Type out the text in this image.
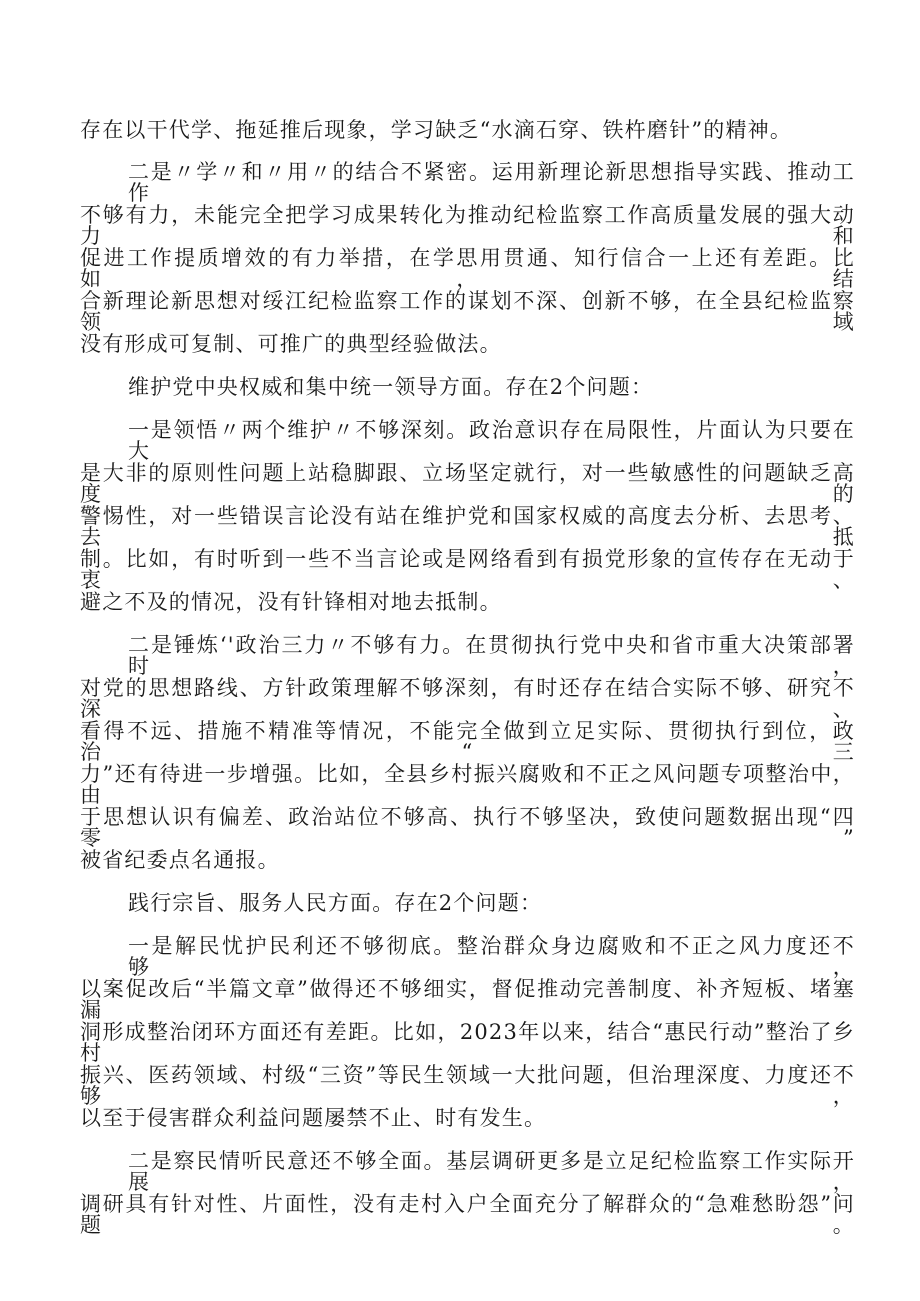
存在以干代学、拖延推后现象，学习缺乏“水滴石穿、铁杵磨针”的精神。
二是〃学〃和〃用〃的结合不紧密。运用新理论新思想指导实践、推动工作
不够有力，未能完全把学习成果转化为推动纪检监察工作高质量发展的强大动力和
促进工作提质增效的有力举措，在学思用贯通、知行信合一上还有差距。比如，结
合新理论新思想对绥江纪检监察工作的谋划不深、创新不够，在全县纪检监察领域
没有形成可复制、可推广的典型经验做法。
维护党中央权威和集中统一领导方面。存在2个问题：
一是领悟〃两个维护〃不够深刻。政治意识存在局限性，片面认为只要在大
是大非的原则性问题上站稳脚跟、立场坚定就行，对一些敏感性的问题缺乏高度的
警惕性，对一些错误言论没有站在维护党和国家权威的高度去分析、去思考、去抵
制。比如，有时听到一些不当言论或是网络看到有损党形象的宣传存在无动于衷、
避之不及的情况，没有针锋相对地去抵制。
二是锤炼‘'政治三力〃不够有力。在贯彻执行党中央和省市重大决策部署时，
对党的思想路线、方针政策理解不够深刻，有时还存在结合实际不够、研究不深、
看得不远、措施不精准等情况，不能完全做到立足实际、贯彻执行到位，政治“三
力”还有待进一步增强。比如，全县乡村振兴腐败和不正之风问题专项整治中，由
于思想认识有偏差、政治站位不够高、执行不够坚决，致使问题数据出现“四零”
被省纪委点名通报。
践行宗旨、服务人民方面。存在2个问题：
一是解民忧护民利还不够彻底。整治群众身边腐败和不正之风力度还不够，
以案促改后“半篇文章”做得还不够细实，督促推动完善制度、补齐短板、堵塞漏
洞形成整治闭环方面还有差距。比如，2023年以来，结合“惠民行动”整治了乡村
振兴、医药领域、村级“三资”等民生领域一大批问题，但治理深度、力度还不够，
以至于侵害群众利益问题屡禁不止、时有发生。
二是察民情听民意还不够全面。基层调研更多是立足纪检监察工作实际开展，
调研具有针对性、片面性，没有走村入户全面充分了解群众的“急难愁盼怨”问题。
